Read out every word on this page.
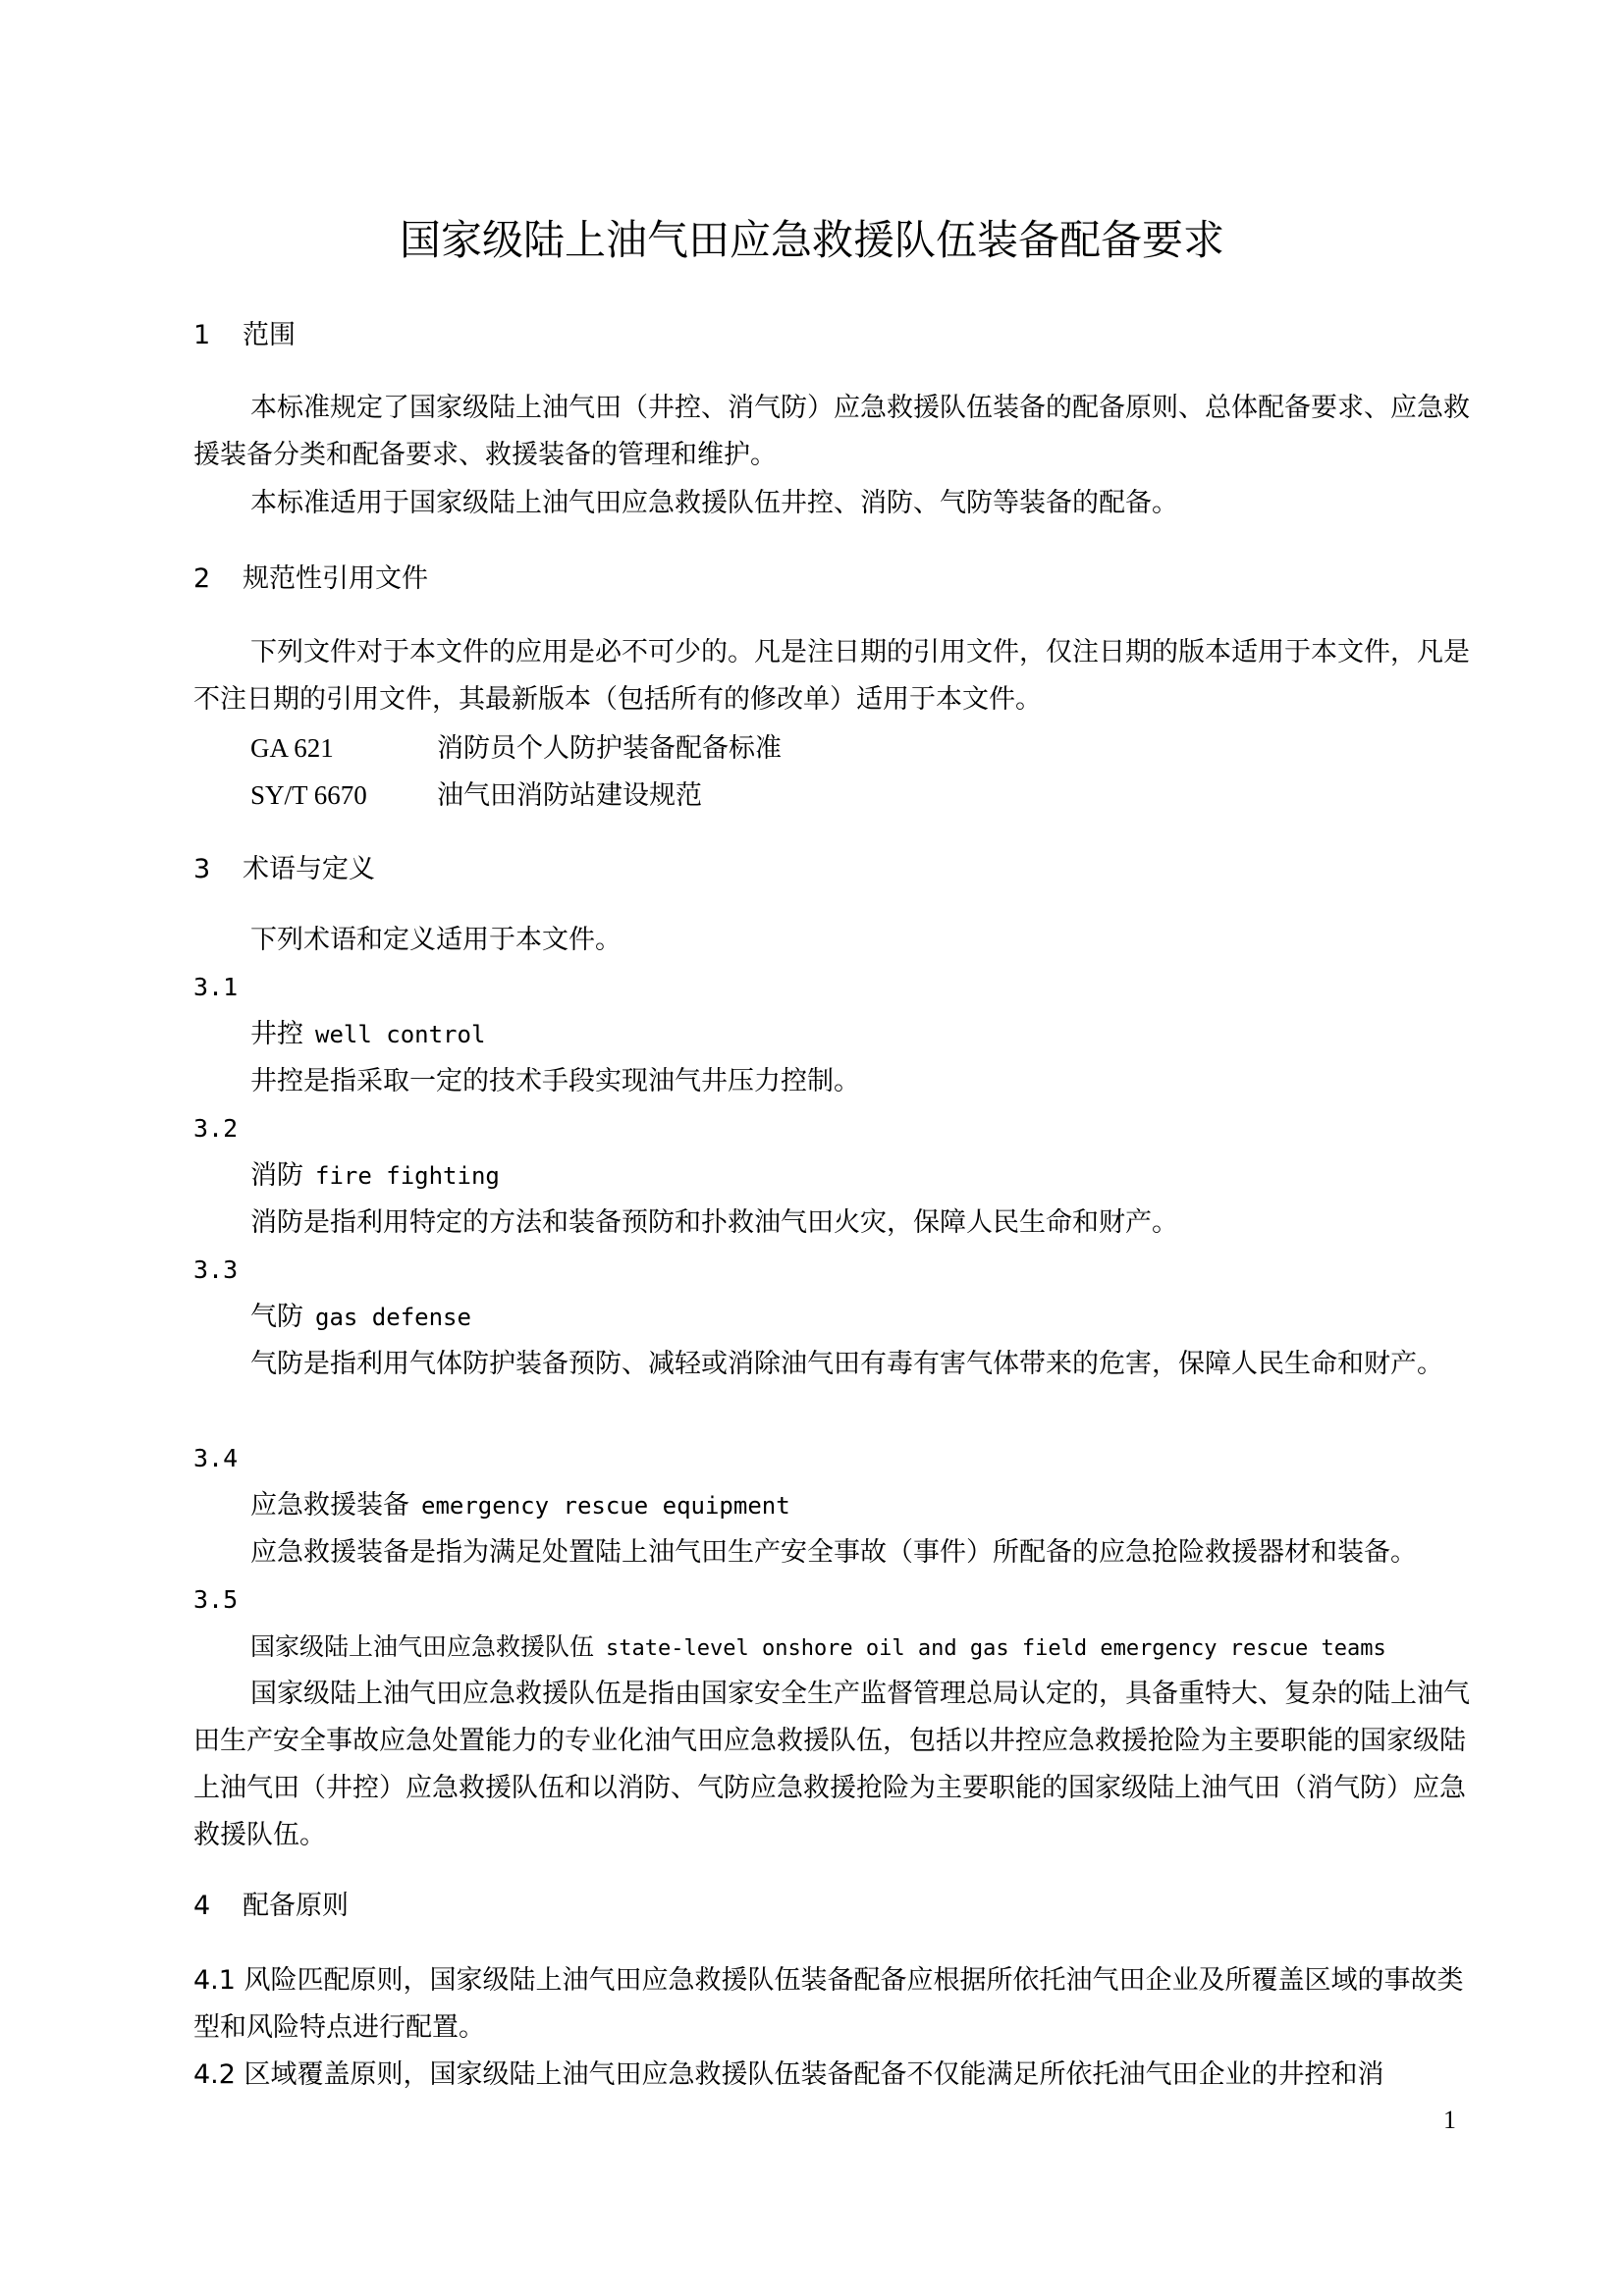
国家级陆上油气田应急救援队伍装备配备要求
1 范围

本标准规定了国家级陆上油气田（井控、消气防）应急救援队伍装备的配备原则、总体配备要求、应急救援装备分类和配备要求、救援装备的管理和维护。

本标准适用于国家级陆上油气田应急救援队伍井控、消防、气防等装备的配备。

2 规范性引用文件

下列文件对于本文件的应用是必不可少的。凡是注日期的引用文件，仅注日期的版本适用于本文件，凡是不注日期的引用文件，其最新版本（包括所有的修改单）适用于本文件。

GA 621	消防员个人防护装备配备标准
SY/T 6670	油气田消防站建设规范
3 术语与定义
下列术语和定义适用于本文件。
3.1
井控 well control
井控是指采取一定的技术手段实现油气井压力控制。
3.2
消防 fire fighting
消防是指利用特定的方法和装备预防和扑救油气田火灾，保障人民生命和财产。
3.3
气防 gas defense

气防是指利用气体防护装备预防、减轻或消除油气田有毒有害气体带来的危害，保障人民生命和财产。

3.4
应急救援装备 emergency rescue equipment
应急救援装备是指为满足处置陆上油气田生产安全事故（事件）所配备的应急抢险救援器材和装备。
3.5
国家级陆上油气田应急救援队伍 state-level onshore oil and gas field emergency rescue teams

国家级陆上油气田应急救援队伍是指由国家安全生产监督管理总局认定的，具备重特大、复杂的陆上油气田生产安全事故应急处置能力的专业化油气田应急救援队伍，包括以井控应急救援抢险为主要职能的国家级陆上油气田（井控）应急救援队伍和以消防、气防应急救援抢险为主要职能的国家级陆上油气田（消气防）应急救援队伍。

4 配备原则

4.1 风险匹配原则，国家级陆上油气田应急救援队伍装备配备应根据所依托油气田企业及所覆盖区域的事故类型和风险特点进行配置。

4.2 区域覆盖原则，国家级陆上油气田应急救援队伍装备配备不仅能满足所依托油气田企业的井控和消

1
